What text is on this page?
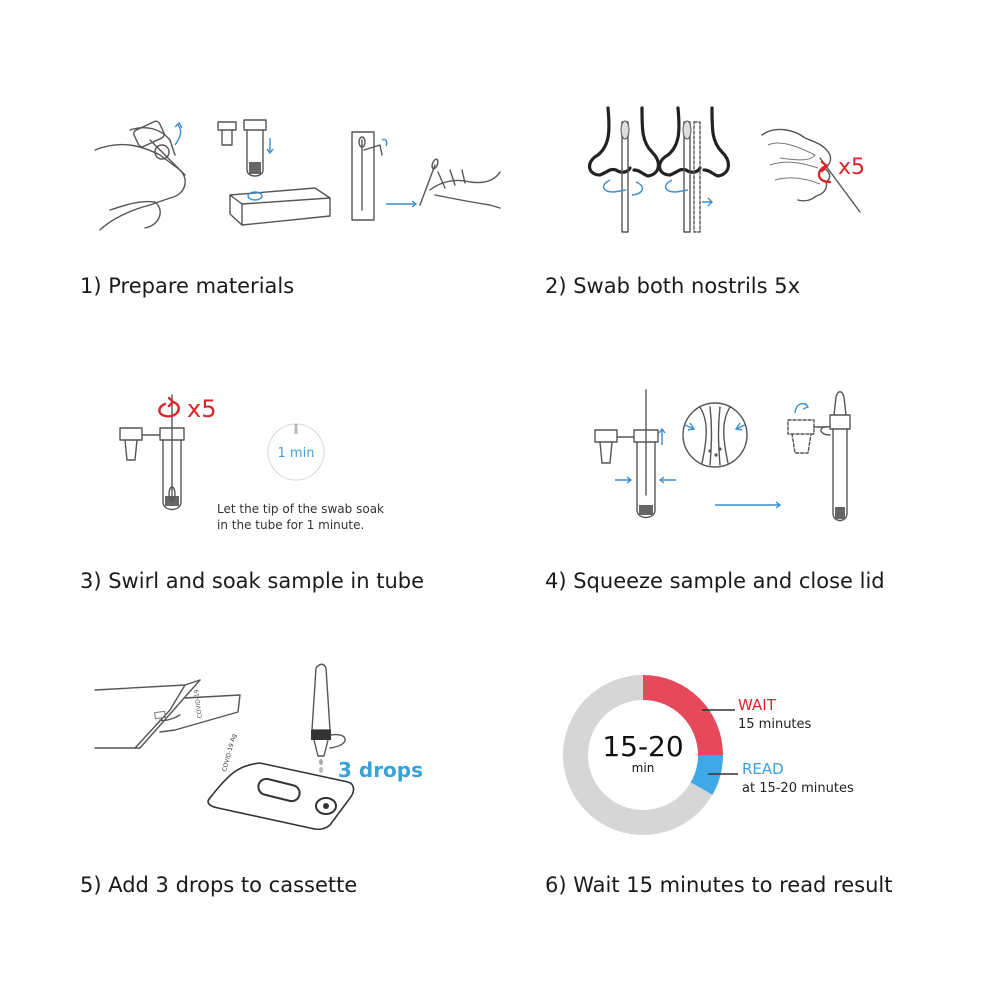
1) Prepare materials
x5
2) Swab both nostrils 5x
x5
1 min
Let the tip of the swab soak
in the tube for 1 minute.
3) Swirl and soak sample in tube	4) Squeeze sample and close lid
COVID-19
3 drops
COVID-19 Ag
5) Add 3 drops to cassette
15-20
min
WAIT
15 minutes
READ
at 15-20 minutes
6) Wait 15 minutes to read result
